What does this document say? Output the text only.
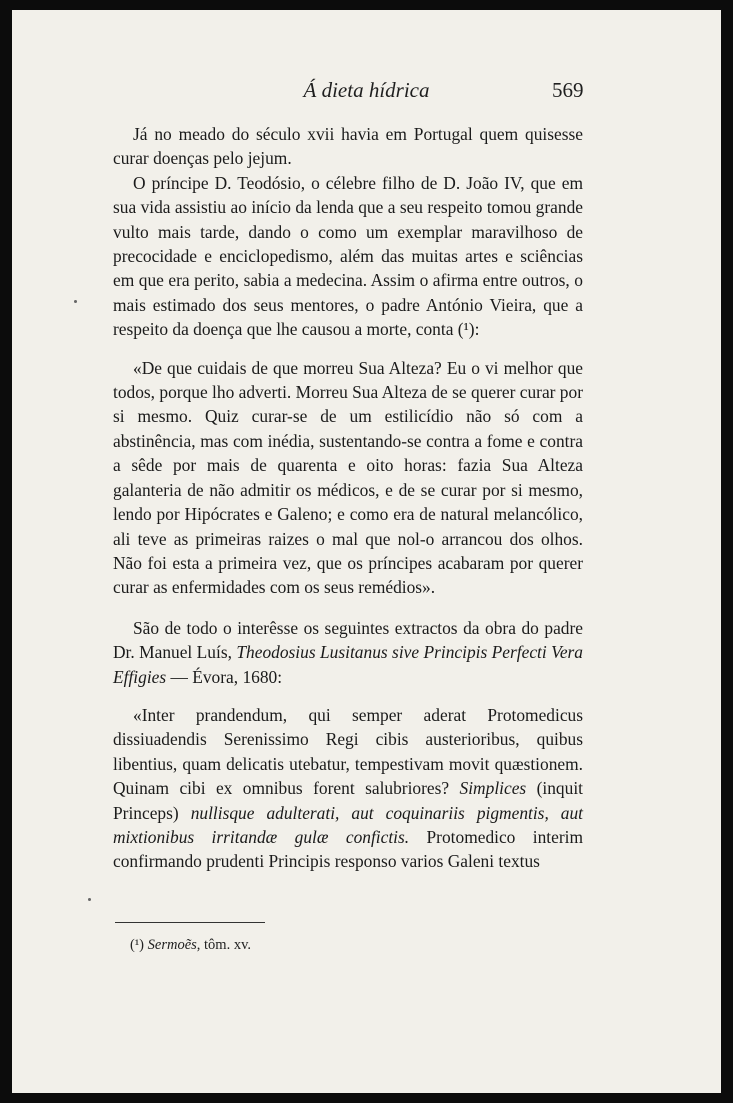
Á dieta hídrica	569

Já no meado do século xvii havia em Portugal quem quisesse curar doenças pelo jejum.

O príncipe D. Teodósio, o célebre filho de D. João IV, que em sua vida assistiu ao início da lenda que a seu respeito tomou grande vulto mais tarde, dando o como um exemplar maravilhoso de precocidade e enciclopedismo, além das muitas artes e sciências em que era perito, sabia a medecina. Assim o afirma entre outros, o mais estimado dos seus mentores, o padre António Vieira, que a respeito da doença que lhe causou a morte, conta (¹):

«De que cuidais de que morreu Sua Alteza? Eu o vi melhor que todos, porque lho adverti. Morreu Sua Alteza de se querer curar por si mesmo. Quiz curar-se de um estilicídio não só com a abstinência, mas com inédia, sustentando-se contra a fome e contra a sêde por mais de quarenta e oito horas: fazia Sua Alteza galanteria de não admitir os médicos, e de se curar por si mesmo, lendo por Hipócrates e Galeno; e como era de natural melancólico, ali teve as primeiras raizes o mal que nol-o arrancou dos olhos. Não foi esta a primeira vez, que os príncipes acabaram por querer curar as enfermidades com os seus remédios».

São de todo o interêsse os seguintes extractos da obra do padre Dr. Manuel Luís, Theodosius Lusitanus sive Principis Perfecti Vera Effigies — Évora, 1680:

«Inter prandendum, qui semper aderat Protomedicus dissiuadendis Serenissimo Regi cibis austerioribus, quibus libentius, quam delicatis utebatur, tempestivam movit quæstionem. Quinam cibi ex omnibus forent salubriores? Simplices (inquit Princeps) nullisque adulterati, aut coquinariis pigmentis, aut mixtionibus irritandæ gulæ confictis. Protomedico interim confirmando prudenti Principis responso varios Galeni textus

(¹) Sermoẽs, tôm. xv.
